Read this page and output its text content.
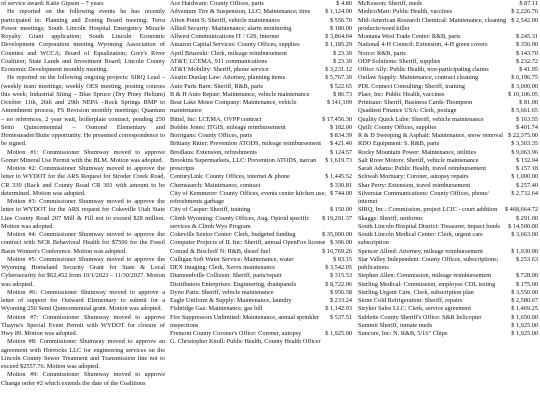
of service award: Katie Gipson – 7 years

He reported on the following events he has recently participated in: Planning and Zoning Board meeting; Terra Power meetings; South Lincoln Hospital Emergency Miracle Royalty Grant application; South Lincoln Economic Development Corporation meeting Wyoming Association of Counties and WCCA; Board of Equalization; Grey's River Coalition; State Lands and Investment Board; Lincoln County Economic Development monthly meeting.

He reported on the following ongoing projects: SIRQ Lead – (weekly team meetings; weekly OES meeting, posting courses this week; Industrial Siting – Blue Spruce (Dry Piney Helium) October 11th, 26th and 29th NEPA –Rock Springs RMP to Amendment process, FS Revision monthly meetings; Quantum – no references, 2 year wait, boilerplate contract, pending 250 Semi Quincentennial – Osmond Elementary and Homesteader/Butte opportunity. He presented correspondence to be signed.

Motion #1: Commissioner Shumway moved to approve Gomer Mineral Use Permit with the BLM. Motion was adopted.

Motion #2: Commissioner Shumway moved to approve the letter to WYDOT for the ARS Request for Stroder Creek Road, CR 330 (Back and County Road CR 301 with amount to be determined. Motion was adopted.

Motion #3: Commissioner Shumway moved to approve the letter to WYDOT for the ARS request for Cokeville Utah State Line County Road 207 Mill & Fill not to exceed $28 million. Motion was adopted.

Motion #4: Commissioner Shumway moved to approve the contract with NCR Behavioral Health for $7500 for the Fossil Basin Women's Conference. Motion was adopted.

Motion #5: Commissioner Shumway moved to approve the Wyoming Homeland Security Grant for State & Local Cybersecurity for $62,452 from 10/1/2023 – 11/30/2027. Motion was adopted.

Motion #6: Commissioner Shumway moved to approve a letter of support for Outward Elementary to submit for a Wyoming 250 Semi Quincentennial grant. Motion was adopted.

Motion #7: Commissioner Shumway moved to approve Thayne's Special Event Permit with WYDOT for closure of Hwy 89. Motion was adopted.

Motion #8: Commissioner Shumway moved to approve an agreement with Horrocks LLC for engineering services on the Lincoln County Sewer Treatment and Transmission line not to exceed $2557.76. Motion was adopted.

Motion #9: Commissioner Shumway moved to approve Change order #2 which extends the date of the Coalitions

$ 4.80
Ace Hardware: County Offices, parts
$ 1,124.00
Adventure Tire & Suspension, LLC; Maintenance; tires
$ 556.70
Afton Point S: Sheriff, vehicle maintenance
$ 180.00
Allied Security: Maintenance; alarm monitoring
$ 3,864.04
Allwest Communications IT / GIS, internet
$ 1,185.29
Amazon Capital Services: County Offices, supplies
$ 23.30
April Bruzeski: Clerk, mileage reimbursement
$ 23.30
AT&T; LCEMA, 911 communications
$ 3,231.12
AT&T Mobility: Sheriff, phone service
$ 5,767.30
Austin Dunlap Law: Attorney, planning items
$ 522.65
Auto Parts Barn: Sheriff, R&B, parts
$ 86.73
B & H Auto Repair: Maintenance, vehicle maintenance
$ 141,109
Bear Lake Motor Company: Maintenance, vehicle maintenance
$ 17,456.30
Bittel, Inc: LCEMA, OVPP contract
$ 182.00
Bobbie Jones: ITGIS, mileage reimbursement
$ 834.39
Borrigans: County Offices, parts
$ 421.40
Brittany Ritter: Prevention ATODS, mileage reimbursement
$ 124.57
Brodlaus: Extension, refreshments
$ 1,619.73
Brookins Supermarkets, LLC: Prevention ATODS, narcan prescripts
$ 1,445.52
CenturyLink: County Offices, internet & phone
$ 330.81
Chemsearch: Maintenance, contract
$ 744.00
City of Kemmerer: County Offices, events center kitchen use; refreshments garbage
$ 150.00
City of Casper: Sheriff, training
$ 19,291.37
Climb Wyoming: County Offices, Aug. Opioid specific services & Climb Wyo Program
$ 35,000.00
Cokeville Senior Center: Clerk, budgeted funding
$ 396.00
Computer Projects of IL Inc: Sheriff, annual OpenFox license
$ 16,769.26
Conrad & Bischoff N: R&B, diesel fuel
$ 83.15
Culligan Soft Water Service: Maintenance, water
$ 3,542.05
DEX Imaging: Clerk, Xerox maintenance
$ 315.53
Diamondville Collision: Sheriff, parts/repair
$ 8,722.06
Distributors Enterprises: Engineering, drainpanels
$ 956.38
Dyno Parts: Sheriff, vehicle maintenance
$ 233.24
Eagle Uniform & Supply: Maintenance, laundry
$ 1,142.93
Fishridge Gas: Maintenance, gas bill
$ 537.51
Fire Suppressors Unlimited: Maintenance, annual sprinkler inspections
$ 1,925.00
Fremont County Coroner's Office: Coroner, autopsy
G. Christopher Knoll: Public Health, County Health Officer
$ 87.11
McKesson: Sheriff, meds
$ 2,226.76
MedicoMart: Public Health, vaccines
$ 2,542.00
Mid-American Research Chemical: Maintenance, cleaning products/weed killer
$ 245.31
Montana West Trade Center: R&B, parts
$ 356.00
National 4-H Council: Extension, 4-H green covers
$ 143.70
Norco: R&B, parts
$ 232.72
ODP Solutions: Sheriff, supplies
$ 41.95
Office Ally: Public Health, non-participating claims
$ 6,196.75
Outlaw Supply: Maintenance, contract cleaning
$ 3,000.00
PDL Connect Consulting: Sheriff, training
$ 10,106.05
Plaer, Inc: Public Health, vaccines
$ 81.00
Printsaur: Sheriff, Business Cards-Thompson
$ 5,661.65
Quadient Finance USA: Clerk, postage
$ 163.55
Quality Quick Lube: Sheriff, vehicle maintenance
$ 401.74
Quill: County Offices, supplies
$ 22,375.00
R & D Sweeping & Asphalt: Maintenance, snow removal
$ 3,303.35
RDO Equipment: S. R&B, parts
$ 9,063.96
Rocky Mountain Power: Maintenance, utilities
$ 132.94
Salt River Motors: Sheriff, vehicle maintenance
$ 157.18
Sarah Adams: Public Health, travel reimbursement
$ 1,000.00
Schwab Mortuary: Coroner, autopsy repairs
$ 257.40
Shar Perry: Extension, travel reimbursement
$ 2,732.64
Silverstar Communications: County Offices, phone/ internet
$ 468,664.72
SIRQ, Inc.: Commission, project LCIC - court addition
$ 291.00
Skaggs: Sheriff, uniforms
$ 14,500.00
South Lincoln Hospital District: Treasurer, impact funds
$ 3,663.00
South Lincoln Medical Center: Clerk, urgent care subscription
$ 1,930.00
Spencer Allred: Attorney, mileage reimbursement
$ 253.63
Star Valley Independent: County Offices, subscriptions; publications
$ 728.00
Stephen Allen: Commission, mileage reimbursement
$ 175.00
Sterling Medical: Commission, employee CDL testing
$ 3,550.00
Sterling Urgent Care, Clerk, subscription plan
$ 2,580.67
Stone Cold Refrigeration: Sheriff, repairs
$ 1,469.25
Stryker Sales LLC: Clerk, service agreement
$ 1,650.00
Sublette County Sheriff's Office: S&R helicopter
$ 1,925.00
Summit Sheriff, inmate meds
$ 1,925.00
Suncore, Inc: N. R&B, 5/16" Chips
